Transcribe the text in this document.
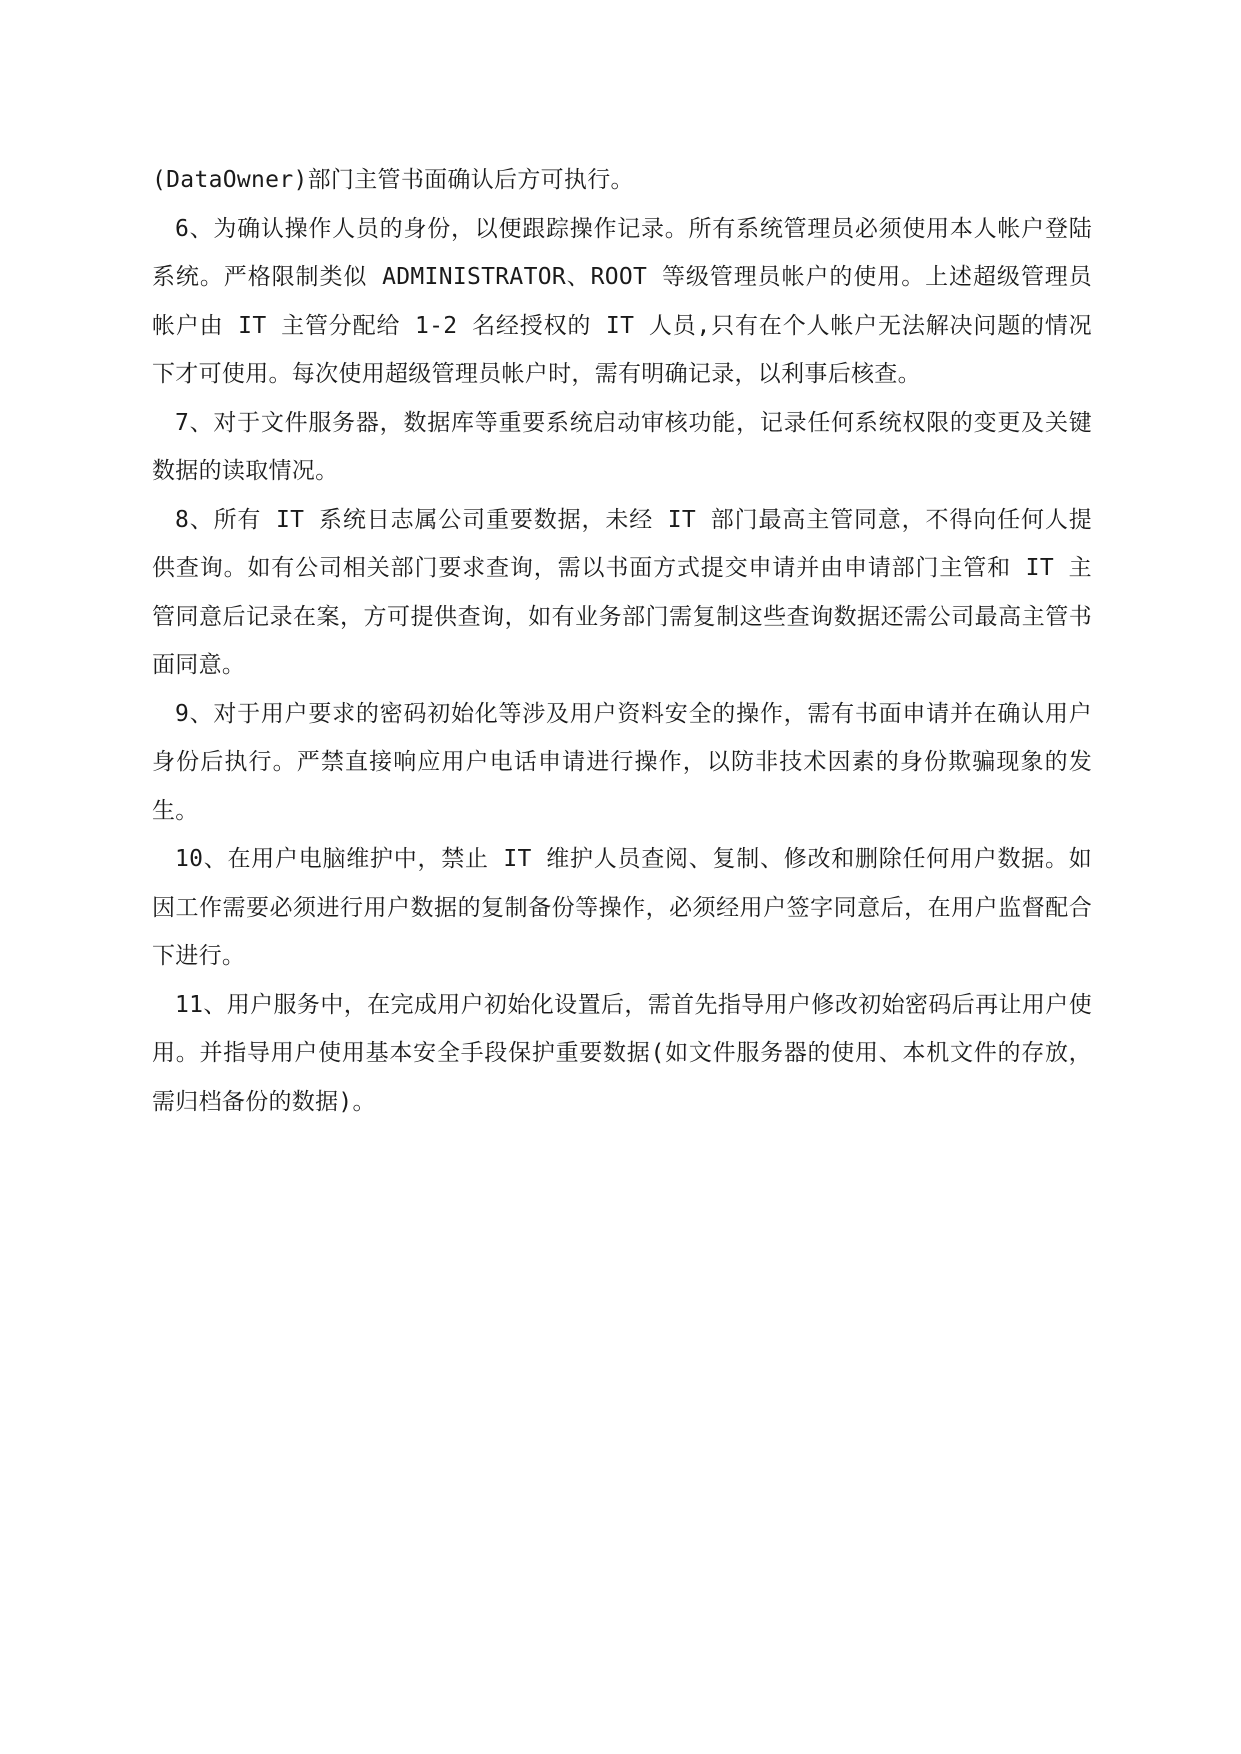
(DataOwner)部门主管书面确认后方可执行。

6、为确认操作人员的身份，以便跟踪操作记录。所有系统管理员必须使用本人帐户登陆系统。严格限制类似 ADMINISTRATOR、ROOT 等级管理员帐户的使用。上述超级管理员帐户由 IT 主管分配给 1-2 名经授权的 IT 人员,只有在个人帐户无法解决问题的情况下才可使用。每次使用超级管理员帐户时，需有明确记录，以利事后核查。

7、对于文件服务器，数据库等重要系统启动审核功能，记录任何系统权限的变更及关键数据的读取情况。

8、所有 IT 系统日志属公司重要数据，未经 IT 部门最高主管同意，不得向任何人提供查询。如有公司相关部门要求查询，需以书面方式提交申请并由申请部门主管和 IT 主管同意后记录在案，方可提供查询，如有业务部门需复制这些查询数据还需公司最高主管书面同意。

9、对于用户要求的密码初始化等涉及用户资料安全的操作，需有书面申请并在确认用户身份后执行。严禁直接响应用户电话申请进行操作，以防非技术因素的身份欺骗现象的发生。

10、在用户电脑维护中，禁止 IT 维护人员查阅、复制、修改和删除任何用户数据。如因工作需要必须进行用户数据的复制备份等操作，必须经用户签字同意后，在用户监督配合下进行。

11、用户服务中，在完成用户初始化设置后，需首先指导用户修改初始密码后再让用户使用。并指导用户使用基本安全手段保护重要数据(如文件服务器的使用、本机文件的存放，需归档备份的数据)。
